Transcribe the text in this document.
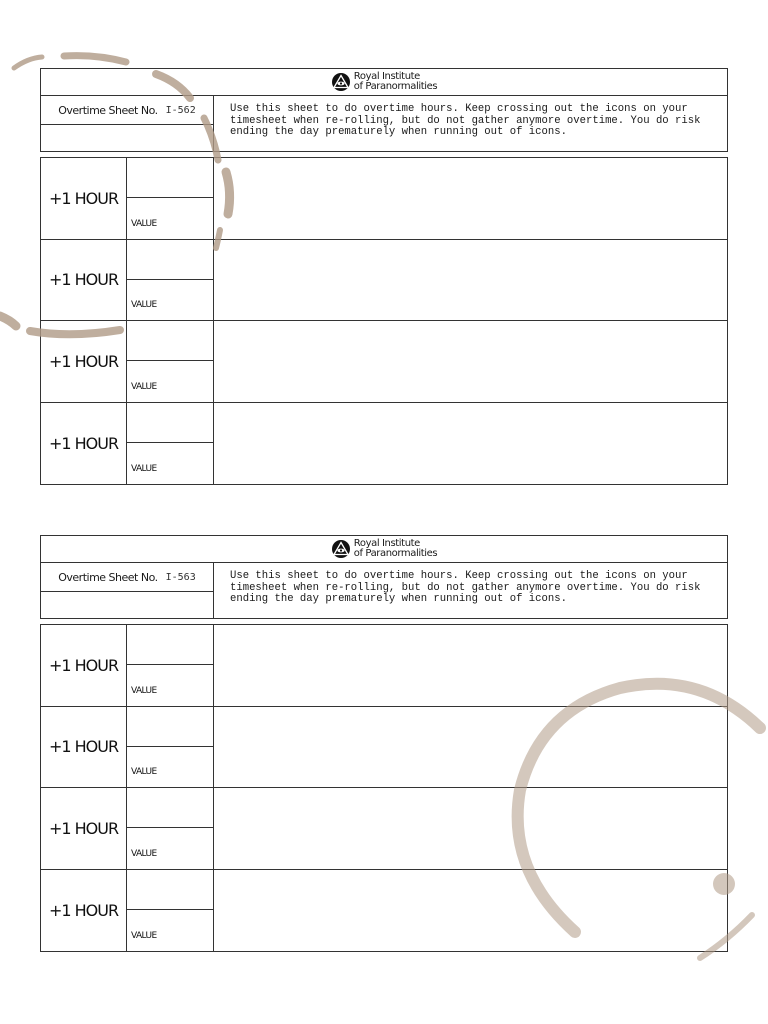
Royal Institute
of Paranormalities
Overtime Sheet No. I-562	Use this sheet to do overtime hours. Keep crossing out the icons on your timesheet when re-rolling, but do not gather anymore overtime. You do risk ending the day prematurely when running out of icons.
+1 HOUR
VALUE
+1 HOUR
VALUE
+1 HOUR
VALUE
+1 HOUR
VALUE
Royal Institute
of Paranormalities
Overtime Sheet No. I-563	Use this sheet to do overtime hours. Keep crossing out the icons on your timesheet when re-rolling, but do not gather anymore overtime. You do risk ending the day prematurely when running out of icons.
+1 HOUR
VALUE
+1 HOUR
VALUE
+1 HOUR
VALUE
+1 HOUR
VALUE
